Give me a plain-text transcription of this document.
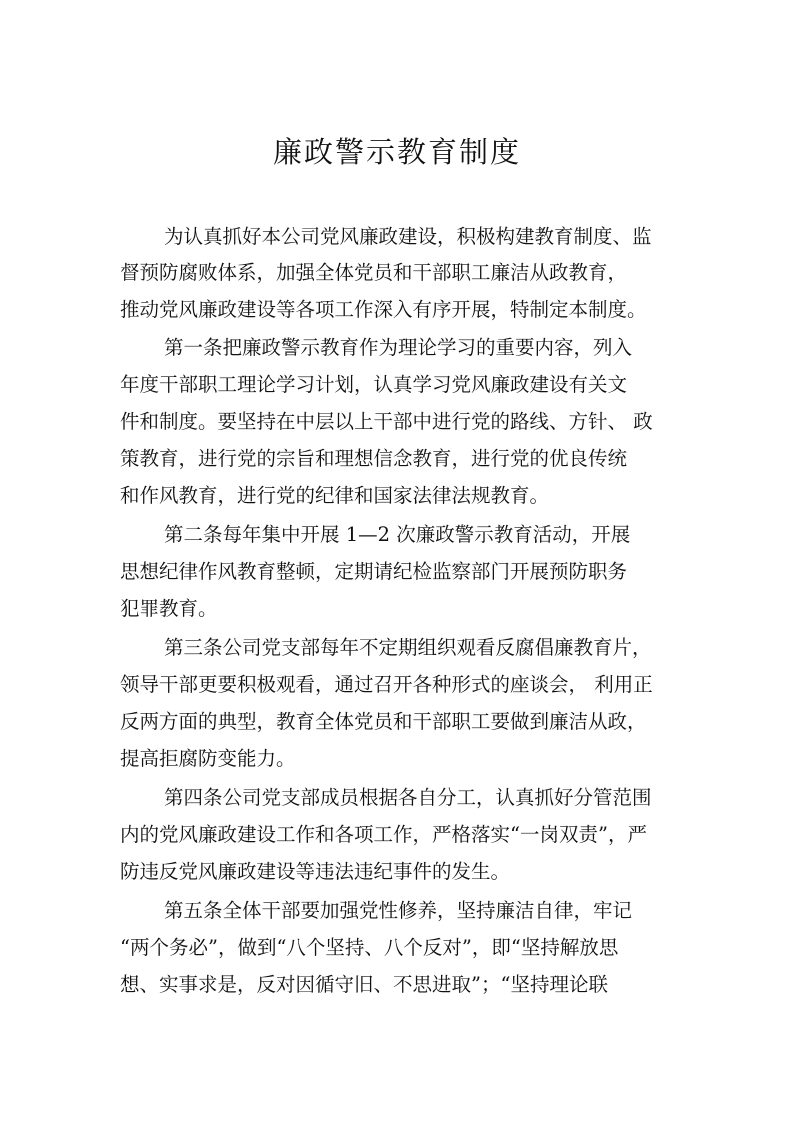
廉政警示教育制度
为认真抓好本公司党风廉政建设，积极构建教育制度、监
督预防腐败体系，加强全体党员和干部职工廉洁从政教育，
推动党风廉政建设等各项工作深入有序开展，特制定本制度。
第一条把廉政警示教育作为理论学习的重要内容，列入
年度干部职工理论学习计划，认真学习党风廉政建设有关文
件和制度。要坚持在中层以上干部中进行党的路线、方针、 政
策教育，进行党的宗旨和理想信念教育，进行党的优良传统
和作风教育，进行党的纪律和国家法律法规教育。
第二条每年集中开展 1—2 次廉政警示教育活动，开展
思想纪律作风教育整顿，定期请纪检监察部门开展预防职务
犯罪教育。
第三条公司党支部每年不定期组织观看反腐倡廉教育片，
领导干部更要积极观看，通过召开各种形式的座谈会， 利用正
反两方面的典型，教育全体党员和干部职工要做到廉洁从政，
提高拒腐防变能力。
第四条公司党支部成员根据各自分工，认真抓好分管范围
内的党风廉政建设工作和各项工作，严格落实“一岗双责”，严
防违反党风廉政建设等违法违纪事件的发生。
第五条全体干部要加强党性修养，坚持廉洁自律，牢记
“两个务必”，做到“八个坚持、八个反对”，即“坚持解放思
想、实事求是，反对因循守旧、不思进取”；“坚持理论联
